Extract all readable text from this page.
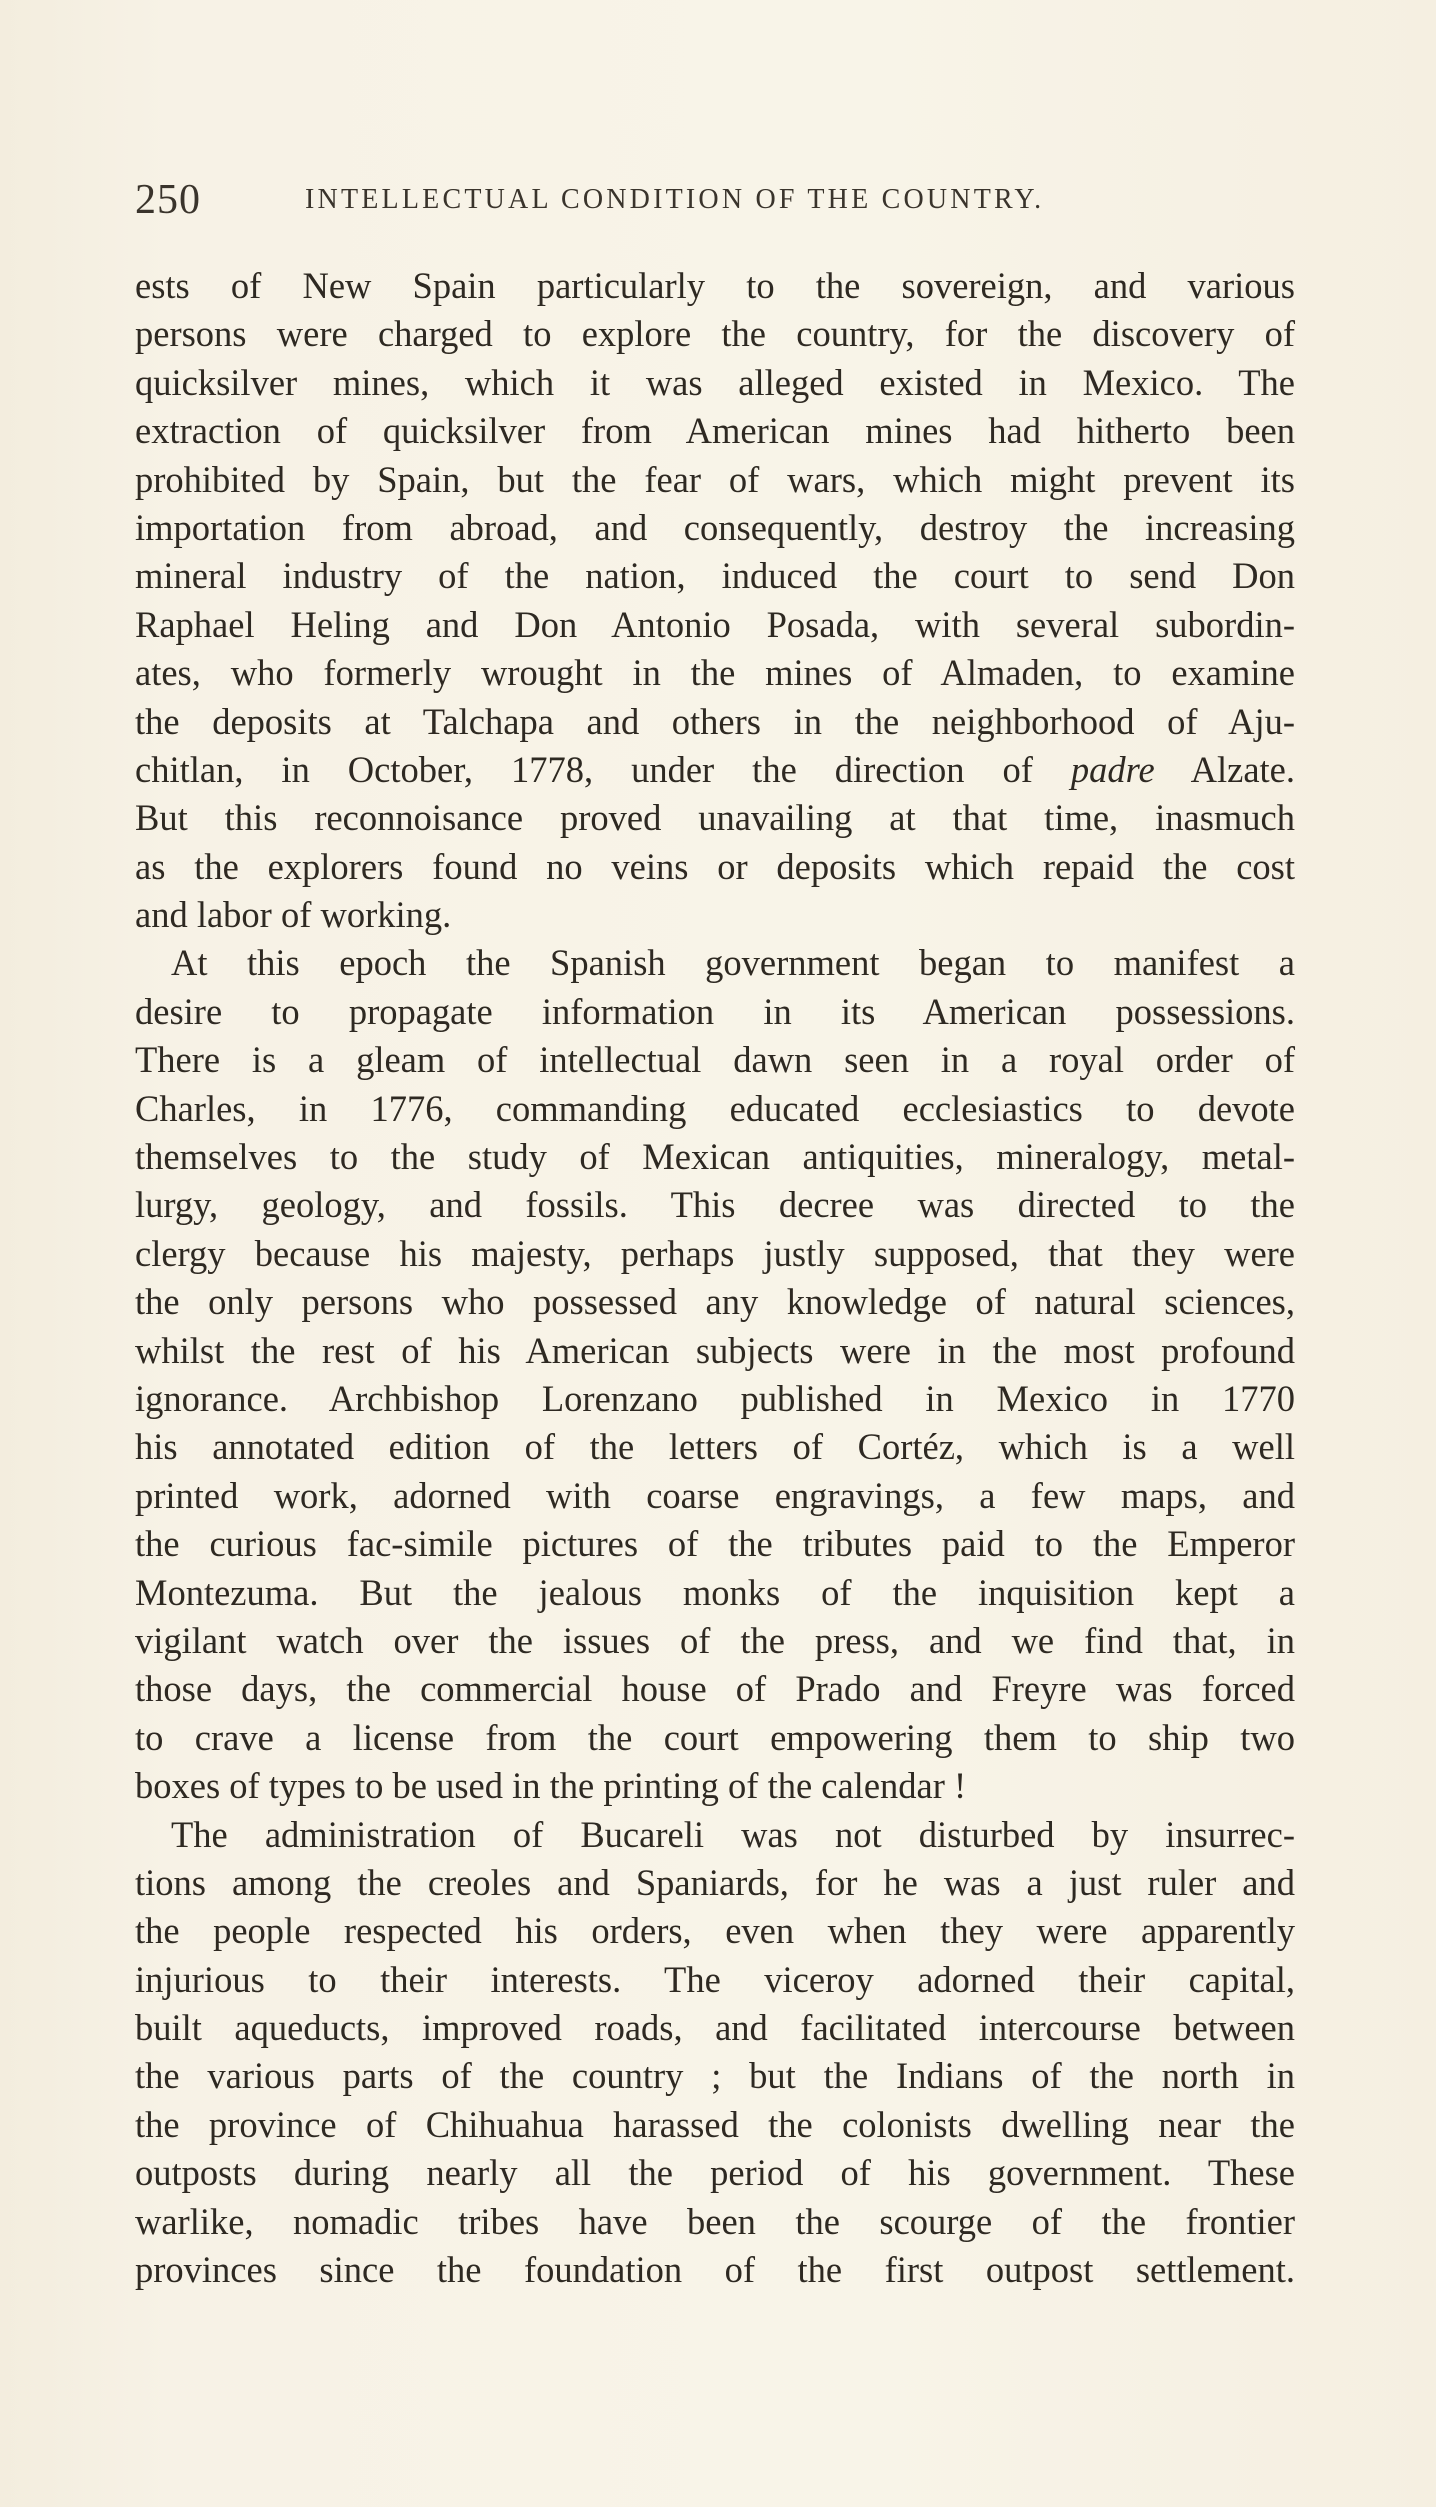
250	INTELLECTUAL CONDITION OF THE COUNTRY.
ests of New Spain particularly to the sovereign, and various
persons were charged to explore the country, for the discovery of
quicksilver mines, which it was alleged existed in Mexico. The
extraction of quicksilver from American mines had hitherto been
prohibited by Spain, but the fear of wars, which might prevent its
importation from abroad, and consequently, destroy the increasing
mineral industry of the nation, induced the court to send Don
Raphael Heling and Don Antonio Posada, with several subordin-
ates, who formerly wrought in the mines of Almaden, to examine
the deposits at Talchapa and others in the neighborhood of Aju-
chitlan, in October, 1778, under the direction of padre Alzate.
But this reconnoisance proved unavailing at that time, inasmuch
as the explorers found no veins or deposits which repaid the cost
and labor of working.
At this epoch the Spanish government began to manifest a
desire to propagate information in its American possessions.
There is a gleam of intellectual dawn seen in a royal order of
Charles, in 1776, commanding educated ecclesiastics to devote
themselves to the study of Mexican antiquities, mineralogy, metal-
lurgy, geology, and fossils. This decree was directed to the
clergy because his majesty, perhaps justly supposed, that they were
the only persons who possessed any knowledge of natural sciences,
whilst the rest of his American subjects were in the most profound
ignorance. Archbishop Lorenzano published in Mexico in 1770
his annotated edition of the letters of Cortéz, which is a well
printed work, adorned with coarse engravings, a few maps, and
the curious fac-simile pictures of the tributes paid to the Emperor
Montezuma. But the jealous monks of the inquisition kept a
vigilant watch over the issues of the press, and we find that, in
those days, the commercial house of Prado and Freyre was forced
to crave a license from the court empowering them to ship two
boxes of types to be used in the printing of the calendar !
The administration of Bucareli was not disturbed by insurrec-
tions among the creoles and Spaniards, for he was a just ruler and
the people respected his orders, even when they were apparently
injurious to their interests. The viceroy adorned their capital,
built aqueducts, improved roads, and facilitated intercourse between
the various parts of the country ; but the Indians of the north in
the province of Chihuahua harassed the colonists dwelling near the
outposts during nearly all the period of his government. These
warlike, nomadic tribes have been the scourge of the frontier
provinces since the foundation of the first outpost settlement.
